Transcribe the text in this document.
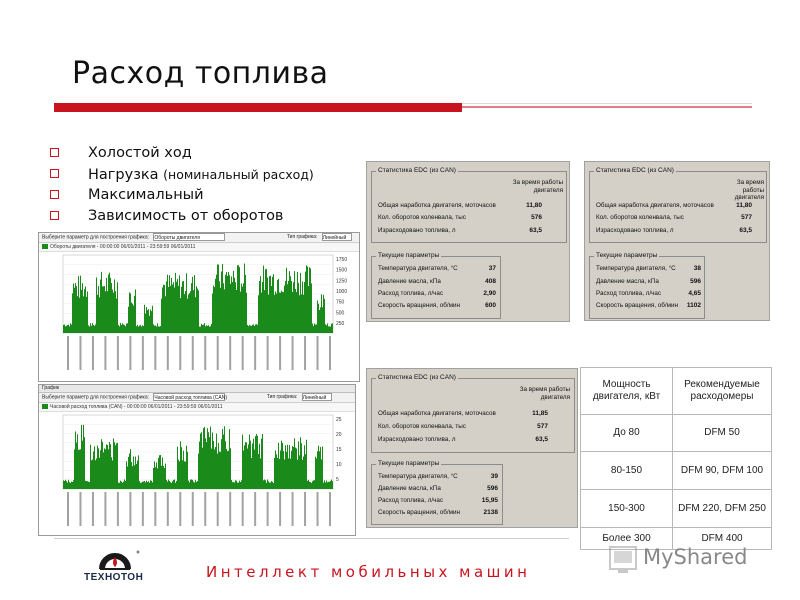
Расход топлива
Холостой ход
Нагрузка (номинальный расход)
Максимальный
Зависимость от оборотов
Выберите параметр для построения графика: Обороты двигателя	Тип графика: Линейный
Обороты двигателя - 00:00:00 06/01/2011 - 23:59:59 06/01/2011
1750
1500
1250
1000
750
500
250
График
Выберите параметр для построения графика: Часовой расход топлива (CAN)	Тип графика: Линейный
Часовой расход топлива (CAN) - 00:00:00 06/01/2011 - 23:59:59 06/01/2011
25
20
15
10
5
Статистика EDC (из CAN)
За время работы двигателя
Общая наработка двигателя, моточасов	11,80
Кол. оборотов коленвала, тыс	576
Израсходовано топлива, л	63,5
Текущие параметры
Температура двигателя, °С	37
Давление масла, кПа	408
Расход топлива, л/час	2,90
Скорость вращения, об/мин	600
Статистика EDC (из CAN)
За время работы двигателя
Общая наработка двигателя, моточасов	11,80
Кол. оборотов коленвала, тыс	577
Израсходовано топлива, л	63,5
Текущие параметры
Температура двигателя, °С	38
Давление масла, кПа	596
Расход топлива, л/час	4,65
Скорость вращения, об/мин 1102
Статистика EDC (из CAN)
За время работы двигателя
Общая наработка двигателя, моточасов	11,85
Кол. оборотов коленвала, тыс	577
Израсходовано топлива, л	63,5
Текущие параметры
Температура двигателя, °С	39
Давление масла, кПа	596
Расход топлива, л/час	15,95
Скорость вращения, об/мин	2138
Мощность двигателя, кВт	Рекомендуемые расходомеры
До 80	DFM 50
80-150	DFM 90, DFM 100
150-300	DFM 220, DFM 250
Более 300	DFM 400
ТЕХНОТОН	Интеллект мобильных машин
MyShared
